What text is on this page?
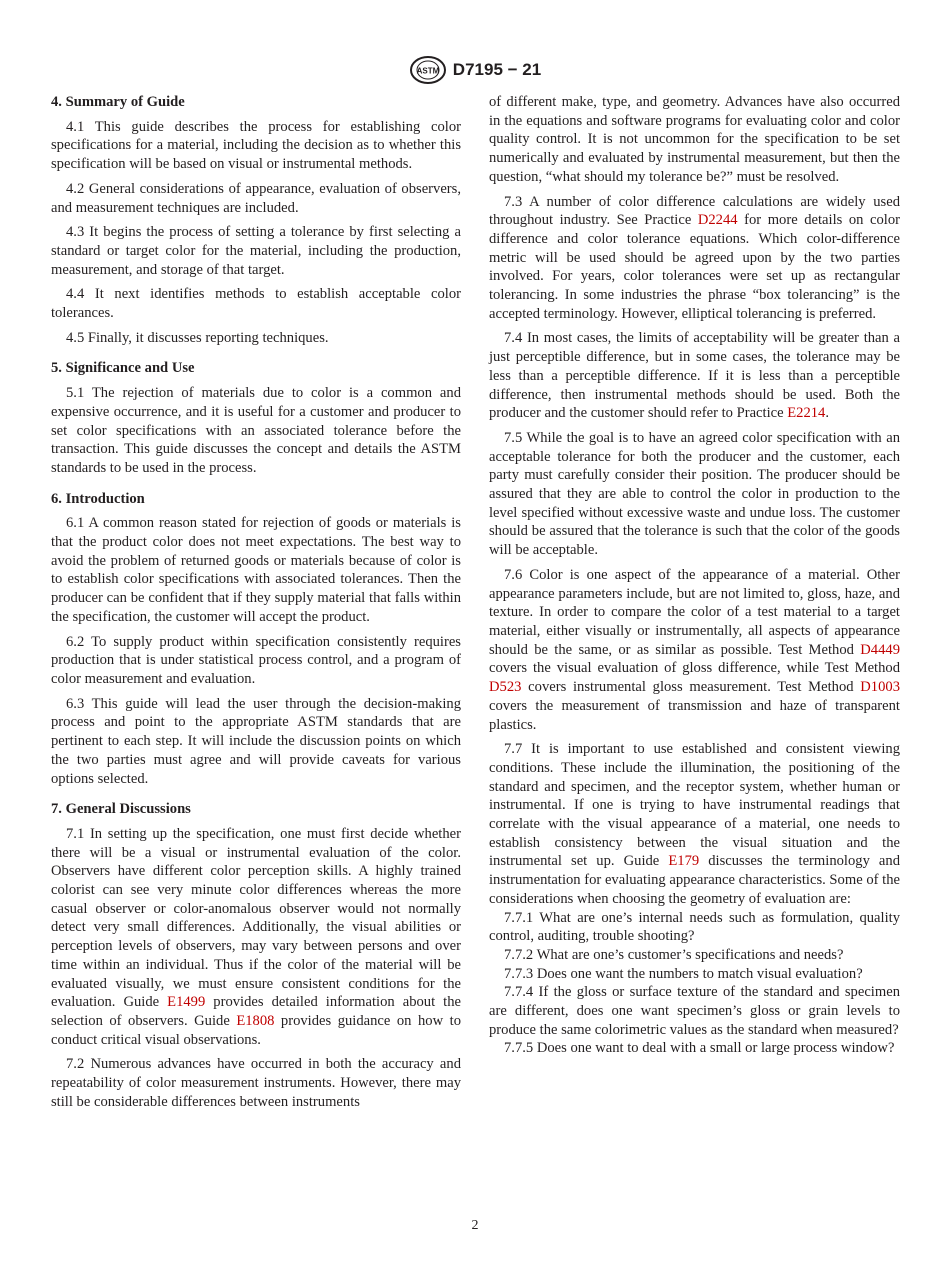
ASTM D7195 − 21
4. Summary of Guide

4.1 This guide describes the process for establishing color specifications for a material, including the decision as to whether this specification will be based on visual or instrumental methods.

4.2 General considerations of appearance, evaluation of observers, and measurement techniques are included.

4.3 It begins the process of setting a tolerance by first selecting a standard or target color for the material, including the production, measurement, and storage of that target.

4.4 It next identifies methods to establish acceptable color tolerances.

4.5 Finally, it discusses reporting techniques.

5. Significance and Use

5.1 The rejection of materials due to color is a common and expensive occurrence, and it is useful for a customer and producer to set color specifications with an associated tolerance before the transaction. This guide discusses the concept and details the ASTM standards to be used in the process.

6. Introduction

6.1 A common reason stated for rejection of goods or materials is that the product color does not meet expectations. The best way to avoid the problem of returned goods or materials because of color is to establish color specifications with associated tolerances. Then the producer can be confident that if they supply material that falls within the specification, the customer will accept the product.

6.2 To supply product within specification consistently requires production that is under statistical process control, and a program of color measurement and evaluation.

6.3 This guide will lead the user through the decision-making process and point to the appropriate ASTM standards that are pertinent to each step. It will include the discussion points on which the two parties must agree and will provide caveats for various options selected.

7. General Discussions

7.1 In setting up the specification, one must first decide whether there will be a visual or instrumental evaluation of the color. Observers have different color perception skills. A highly trained colorist can see very minute color differences whereas the more casual observer or color-anomalous observer would not normally detect very small differences. Additionally, the visual abilities or perception levels of observers, may vary between persons and over time within an individual. Thus if the color of the material will be evaluated visually, we must ensure consistent conditions for the evaluation. Guide E1499 provides detailed information about the selection of observers. Guide E1808 provides guidance on how to conduct critical visual observations.

7.2 Numerous advances have occurred in both the accuracy and repeatability of color measurement instruments. However, there may still be considerable differences between instruments

of different make, type, and geometry. Advances have also occurred in the equations and software programs for evaluating color and color quality control. It is not uncommon for the specification to be set numerically and evaluated by instrumental measurement, but then the question, “what should my tolerance be?” must be resolved.

7.3 A number of color difference calculations are widely used throughout industry. See Practice D2244 for more details on color difference and color tolerance equations. Which color-difference metric will be used should be agreed upon by the two parties involved. For years, color tolerances were set up as rectangular tolerancing. In some industries the phrase “box tolerancing” is the accepted terminology. However, elliptical tolerancing is preferred.

7.4 In most cases, the limits of acceptability will be greater than a just perceptible difference, but in some cases, the tolerance may be less than a perceptible difference. If it is less than a perceptible difference, then instrumental methods should be used. Both the producer and the customer should refer to Practice E2214.

7.5 While the goal is to have an agreed color specification with an acceptable tolerance for both the producer and the customer, each party must carefully consider their position. The producer should be assured that they are able to control the color in production to the level specified without excessive waste and undue loss. The customer should be assured that the tolerance is such that the color of the goods will be acceptable.

7.6 Color is one aspect of the appearance of a material. Other appearance parameters include, but are not limited to, gloss, haze, and texture. In order to compare the color of a test material to a target material, either visually or instrumentally, all aspects of appearance should be the same, or as similar as possible. Test Method D4449 covers the visual evaluation of gloss difference, while Test Method D523 covers instrumental gloss measurement. Test Method D1003 covers the measurement of transmission and haze of transparent plastics.

7.7 It is important to use established and consistent viewing conditions. These include the illumination, the positioning of the standard and specimen, and the receptor system, whether human or instrumental. If one is trying to have instrumental readings that correlate with the visual appearance of a material, one needs to establish consistency between the visual situation and the instrumental set up. Guide E179 discusses the terminology and instrumentation for evaluating appearance characteristics. Some of the considerations when choosing the geometry of evaluation are:

7.7.1 What are one’s internal needs such as formulation, quality control, auditing, trouble shooting?

7.7.2 What are one’s customer’s specifications and needs?

7.7.3 Does one want the numbers to match visual evaluation?

7.7.4 If the gloss or surface texture of the standard and specimen are different, does one want specimen’s gloss or grain levels to produce the same colorimetric values as the standard when measured?

7.7.5 Does one want to deal with a small or large process window?

2
